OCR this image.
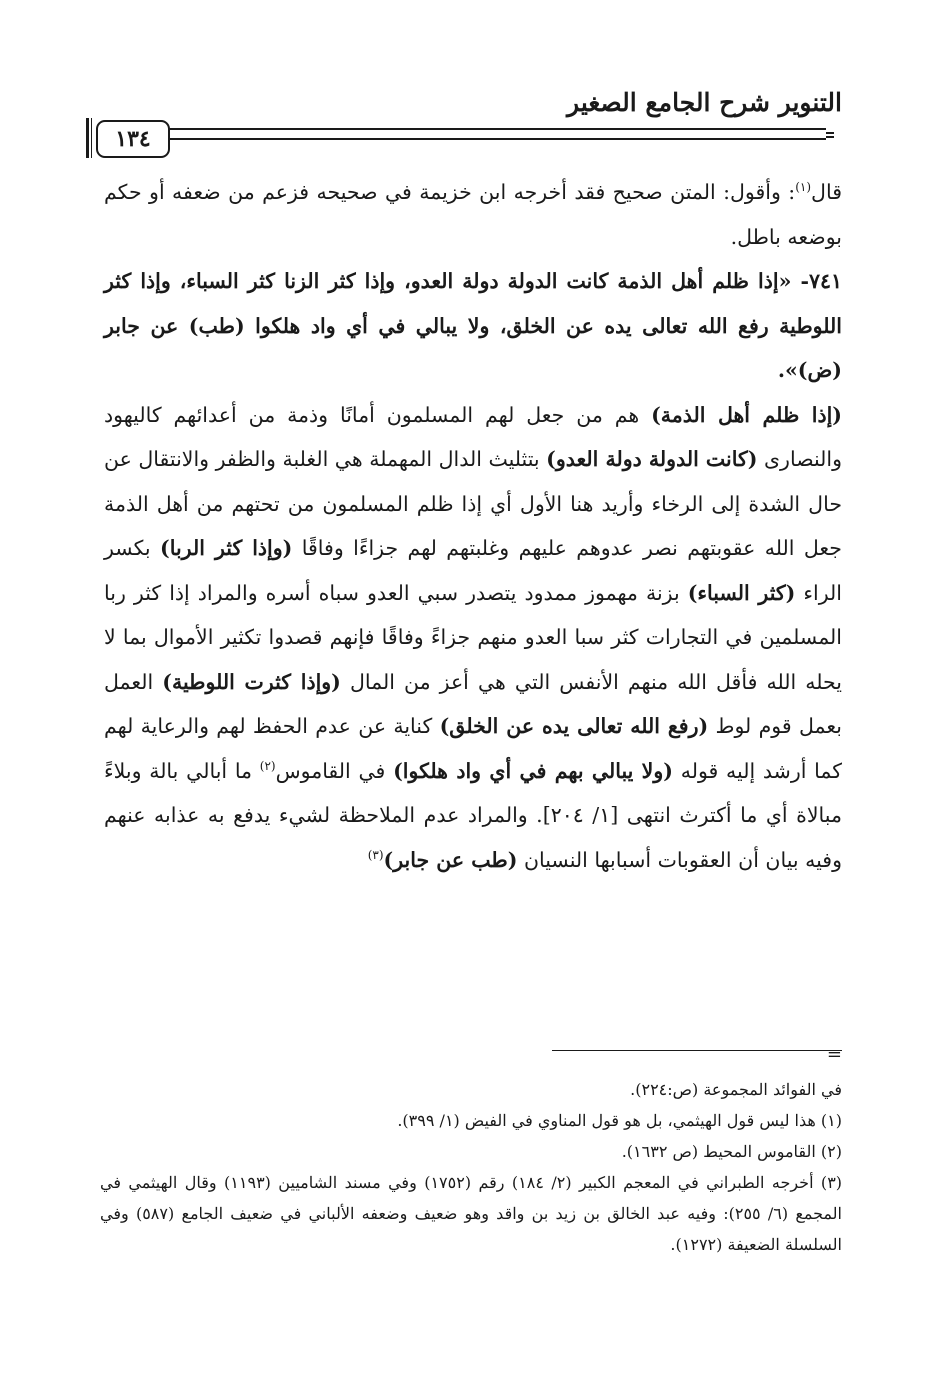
التنوير شرح الجامع الصغير
١٣٤

قال$^{(١)}$: وأقول: المتن صحيح فقد أخرجه ابن خزيمة في صحيحه فزعم من ضعفه أو حكم بوضعه باطل.

٧٤١- «إذا ظلم أهل الذمة كانت الدولة دولة العدو، وإذا كثر الزنا كثر السباء، وإذا كثر اللوطية رفع الله تعالى يده عن الخلق، ولا يبالي في أي واد هلكوا (طب) عن جابر (ض)».

(إذا ظلم أهل الذمة) هم من جعل لهم المسلمون أمانًا وذمة من أعدائهم كاليهود والنصارى (كانت الدولة دولة العدو) بتثليث الدال المهملة هي الغلبة والظفر والانتقال عن حال الشدة إلى الرخاء وأريد هنا الأول أي إذا ظلم المسلمون من تحتهم من أهل الذمة جعل الله عقوبتهم نصر عدوهم عليهم وغلبتهم لهم جزاءًا وفاقًا (وإذا كثر الربا) بكسر الراء (كثر السباء) بزنة مهموز ممدود يتصدر سبي العدو سباه أسره والمراد إذا كثر ربا المسلمين في التجارات كثر سبا العدو منهم جزاءً وفاقًا فإنهم قصدوا تكثير الأموال بما لا يحله الله فأقل الله منهم الأنفس التي هي أعز من المال (وإذا كثرت اللوطية) العمل بعمل قوم لوط (رفع الله تعالى يده عن الخلق) كناية عن عدم الحفظ لهم والرعاية لهم كما أرشد إليه قوله (ولا يبالي بهم في أي واد هلكوا) في القاموس$^{(٢)}$ ما أبالي بالة وبلاءً مبالاة أي ما أكترث انتهى [١/ ٢٠٤]. والمراد عدم الملاحظة لشيء يدفع به عذابه عنهم وفيه بيان أن العقوبات أسبابها النسيان (طب عن جابر)$^{(٣)}$

=

في الفوائد المجموعة (ص:٢٢٤).

(١) هذا ليس قول الهيثمي، بل هو قول المناوي في الفيض (١/ ٣٩٩).

(٢) القاموس المحيط (ص ١٦٣٢).

(٣) أخرجه الطبراني في المعجم الكبير (٢/ ١٨٤) رقم (١٧٥٢) وفي مسند الشاميين (١١٩٣) وقال الهيثمي في المجمع (٦/ ٢٥٥): وفيه عبد الخالق بن زيد بن واقد وهو ضعيف وضعفه الألباني في ضعيف الجامع (٥٨٧) وفي السلسلة الضعيفة (١٢٧٢).
